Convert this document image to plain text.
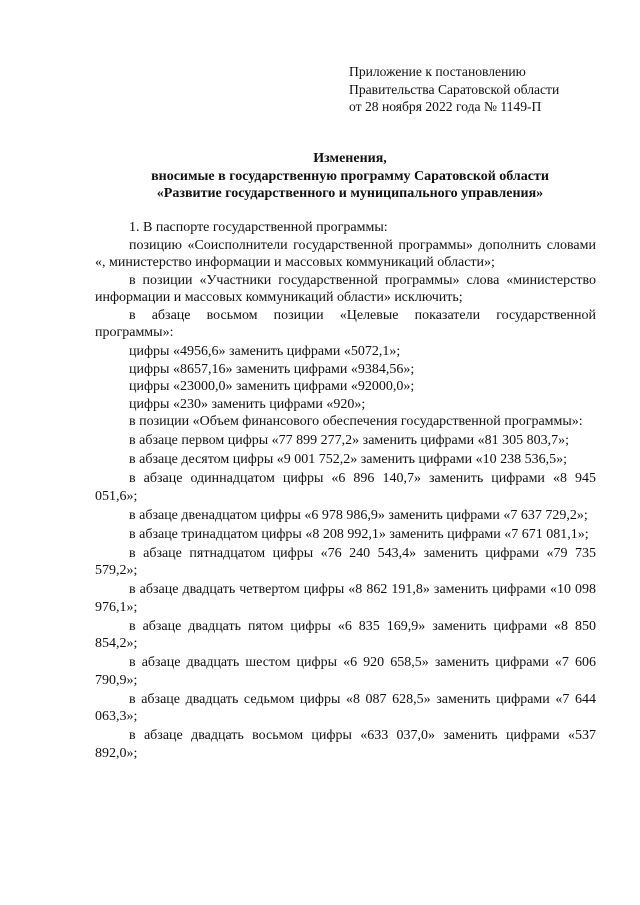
Приложение к постановлению
Правительства Саратовской области
от 28 ноября 2022 года № 1149-П
Изменения,
вносимые в государственную программу Саратовской области
«Развитие государственного и муниципального управления»

1. В паспорте государственной программы:

позицию «Соисполнители государственной программы» дополнить словами «, министерство информации и массовых коммуникаций области»;

в позиции «Участники государственной программы» слова «министерство информации и массовых коммуникаций области» исключить;

в абзаце восьмом позиции «Целевые показатели государственной программы»:

цифры «4956,6» заменить цифрами «5072,1»;

цифры «8657,16» заменить цифрами «9384,56»;

цифры «23000,0» заменить цифрами «92000,0»;

цифры «230» заменить цифрами «920»;

в позиции «Объем финансового обеспечения государственной программы»:

в абзаце первом цифры «77 899 277,2» заменить цифрами «81 305 803,7»;

в абзаце десятом цифры «9 001 752,2» заменить цифрами «10 238 536,5»;

в абзаце одиннадцатом цифры «6 896 140,7» заменить цифрами «8 945 051,6»;

в абзаце двенадцатом цифры «6 978 986,9» заменить цифрами «7 637 729,2»;

в абзаце тринадцатом цифры «8 208 992,1» заменить цифрами «7 671 081,1»;

в абзаце пятнадцатом цифры «76 240 543,4» заменить цифрами «79 735 579,2»;

в абзаце двадцать четвертом цифры «8 862 191,8» заменить цифрами «10 098 976,1»;

в абзаце двадцать пятом цифры «6 835 169,9» заменить цифрами «8 850 854,2»;

в абзаце двадцать шестом цифры «6 920 658,5» заменить цифрами «7 606 790,9»;

в абзаце двадцать седьмом цифры «8 087 628,5» заменить цифрами «7 644 063,3»;

в абзаце двадцать восьмом цифры «633 037,0» заменить цифрами «537 892,0»;
